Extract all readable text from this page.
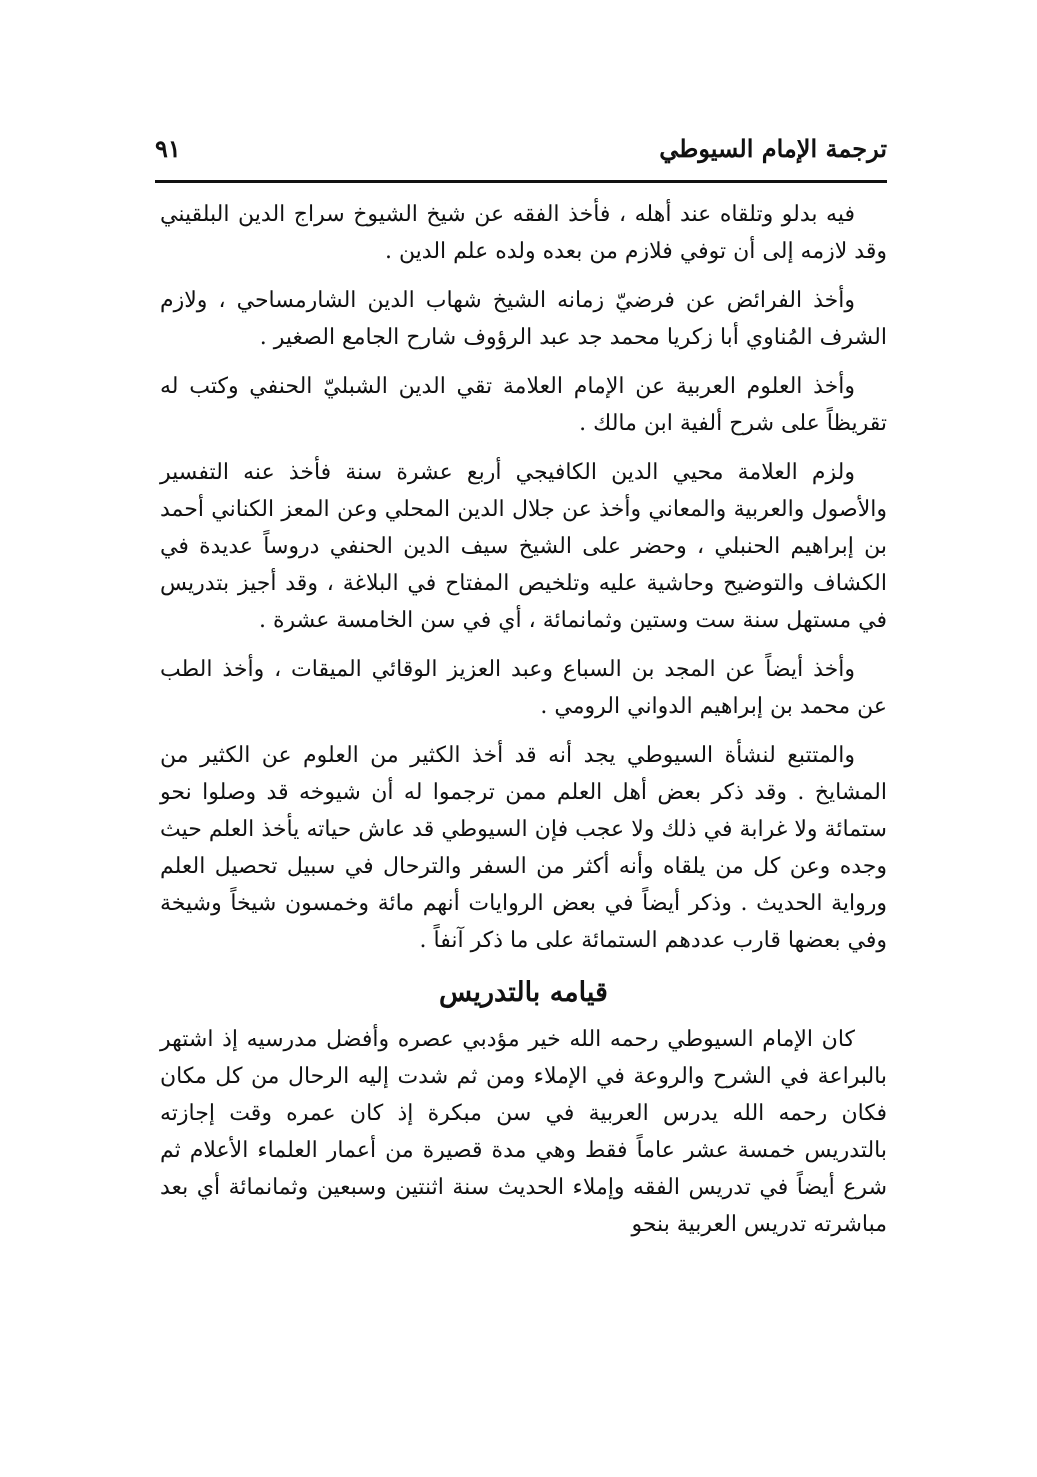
ترجمة الإمام السيوطي
٩١

فيه بدلو وتلقاه عند أهله ، فأخذ الفقه عن شيخ الشيوخ سراج الدين البلقيني وقد لازمه إلى أن توفي فلازم من بعده ولده علم الدين .

وأخذ الفرائض عن فرضيّ زمانه الشيخ شهاب الدين الشارمساحي ، ولازم الشرف المُناوي أبا زكريا محمد جد عبد الرؤوف شارح الجامع الصغير .

وأخذ العلوم العربية عن الإمام العلامة تقي الدين الشبليّ الحنفي وكتب له تقريظاً على شرح ألفية ابن مالك .

ولزم العلامة محيي الدين الكافيجي أربع عشرة سنة فأخذ عنه التفسير والأصول والعربية والمعاني وأخذ عن جلال الدين المحلي وعن المعز الكناني أحمد بن إبراهيم الحنبلي ، وحضر على الشيخ سيف الدين الحنفي دروساً عديدة في الكشاف والتوضيح وحاشية عليه وتلخيص المفتاح في البلاغة ، وقد أجيز بتدريس في مستهل سنة ست وستين وثمانمائة ، أي في سن الخامسة عشرة .

وأخذ أيضاً عن المجد بن السباع وعبد العزيز الوقائي الميقات ، وأخذ الطب عن محمد بن إبراهيم الدواني الرومي .

والمتتبع لنشأة السيوطي يجد أنه قد أخذ الكثير من العلوم عن الكثير من المشايخ . وقد ذكر بعض أهل العلم ممن ترجموا له أن شيوخه قد وصلوا نحو ستمائة ولا غرابة في ذلك ولا عجب فإن السيوطي قد عاش حياته يأخذ العلم حيث وجده وعن كل من يلقاه وأنه أكثر من السفر والترحال في سبيل تحصيل العلم ورواية الحديث . وذكر أيضاً في بعض الروايات أنهم مائة وخمسون شيخاً وشيخة وفي بعضها قارب عددهم الستمائة على ما ذكر آنفاً .

قيامه بالتدريس

كان الإمام السيوطي رحمه الله خير مؤدبي عصره وأفضل مدرسيه إذ اشتهر بالبراعة في الشرح والروعة في الإملاء ومن ثم شدت إليه الرحال من كل مكان فكان رحمه الله يدرس العربية في سن مبكرة إذ كان عمره وقت إجازته بالتدريس خمسة عشر عاماً فقط وهي مدة قصيرة من أعمار العلماء الأعلام ثم شرع أيضاً في تدريس الفقه وإملاء الحديث سنة اثنتين وسبعين وثمانمائة أي بعد مباشرته تدريس العربية بنحو
